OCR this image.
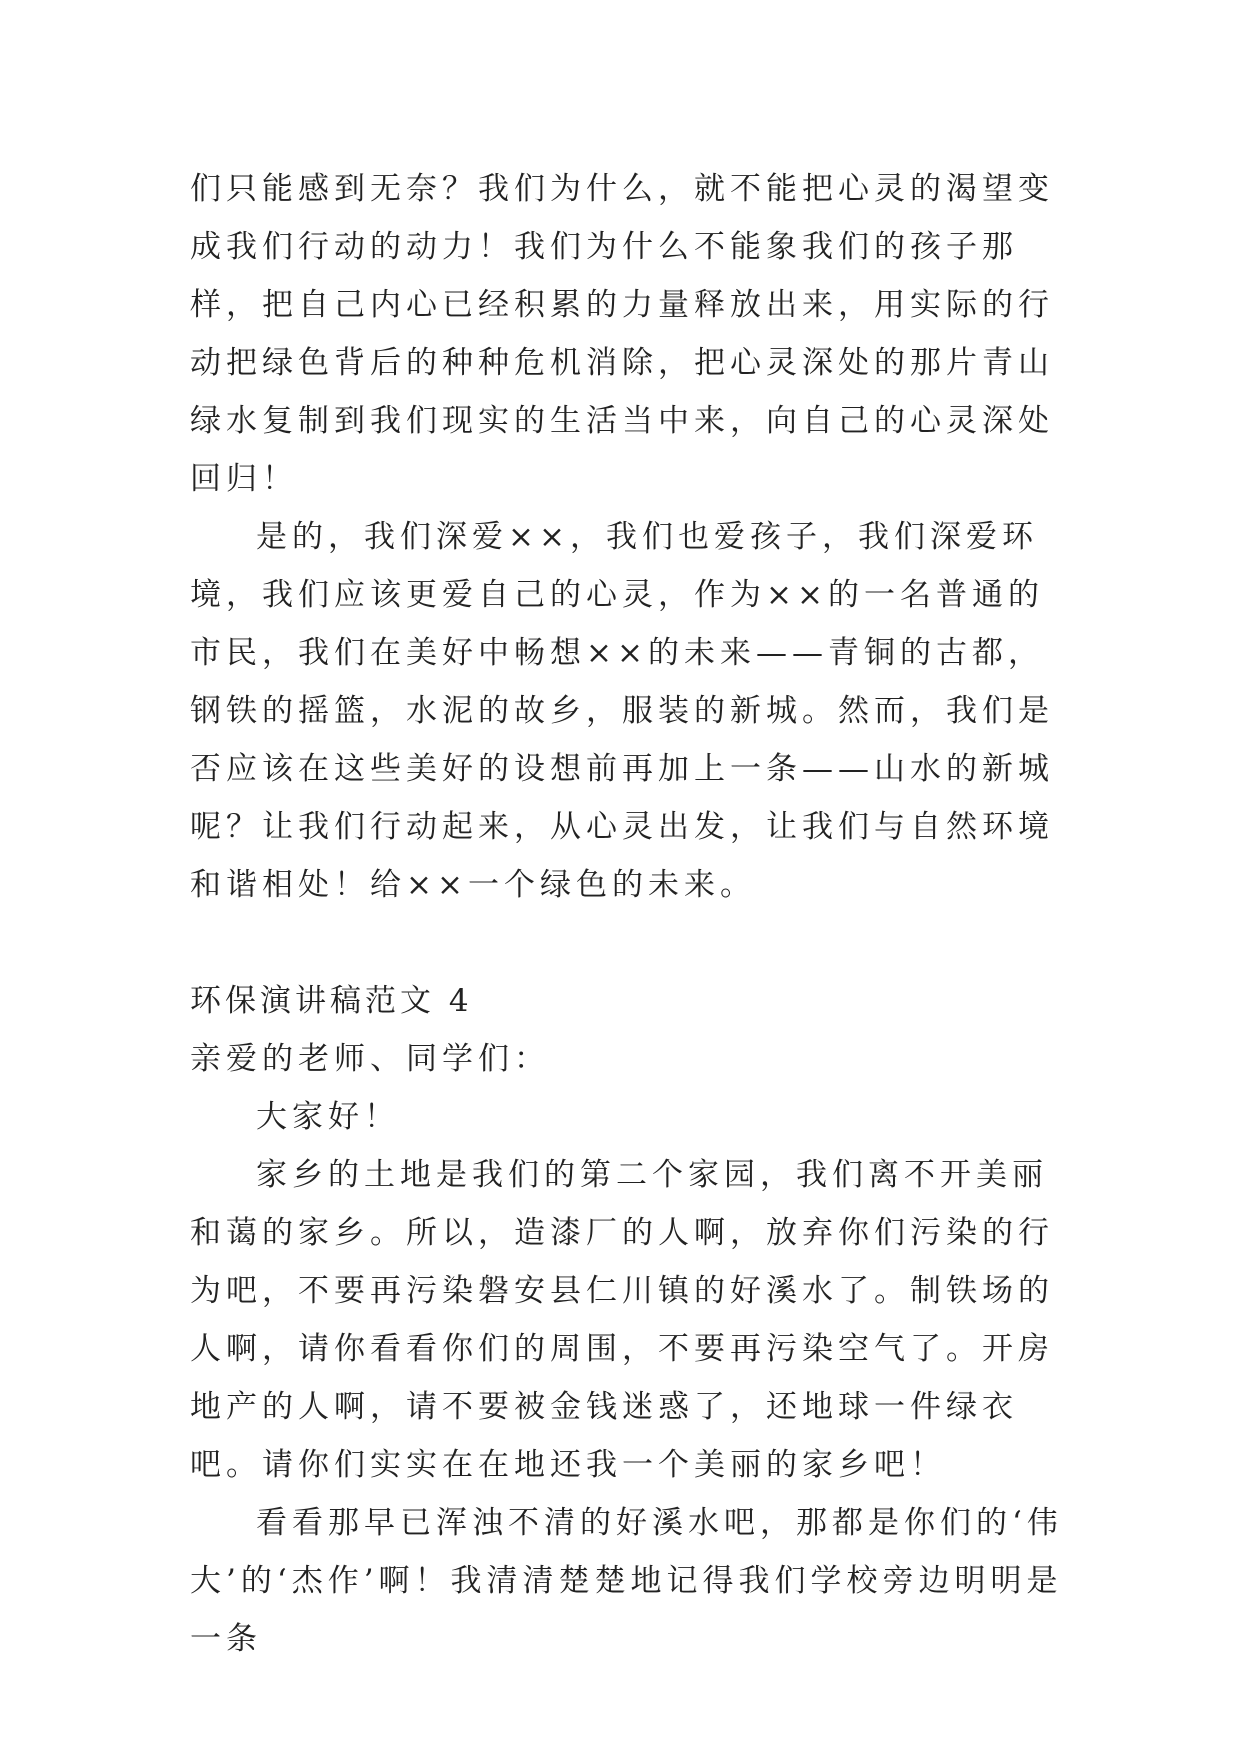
们只能感到无奈？我们为什么，就不能把心灵的渴望变成我们行动的动力！我们为什么不能象我们的孩子那样，把自己内心已经积累的力量释放出来，用实际的行动把绿色背后的种种危机消除，把心灵深处的那片青山绿水复制到我们现实的生活当中来，向自己的心灵深处回归！

是的，我们深爱××，我们也爱孩子，我们深爱环境，我们应该更爱自己的心灵，作为××的一名普通的市民，我们在美好中畅想××的未来——青铜的古都，钢铁的摇篮，水泥的故乡，服装的新城。然而，我们是否应该在这些美好的设想前再加上一条——山水的新城呢？让我们行动起来，从心灵出发，让我们与自然环境和谐相处！给××一个绿色的未来。

环保演讲稿范文 4

亲爱的老师、同学们：

大家好！

家乡的土地是我们的第二个家园，我们离不开美丽和蔼的家乡。所以，造漆厂的人啊，放弃你们污染的行为吧，不要再污染磐安县仁川镇的好溪水了。制铁场的人啊，请你看看你们的周围，不要再污染空气了。开房地产的人啊，请不要被金钱迷惑了，还地球一件绿衣吧。请你们实实在在地还我一个美丽的家乡吧！

看看那早已浑浊不清的好溪水吧，那都是你们的‘伟大’的‘杰作’啊！我清清楚楚地记得我们学校旁边明明是一条
